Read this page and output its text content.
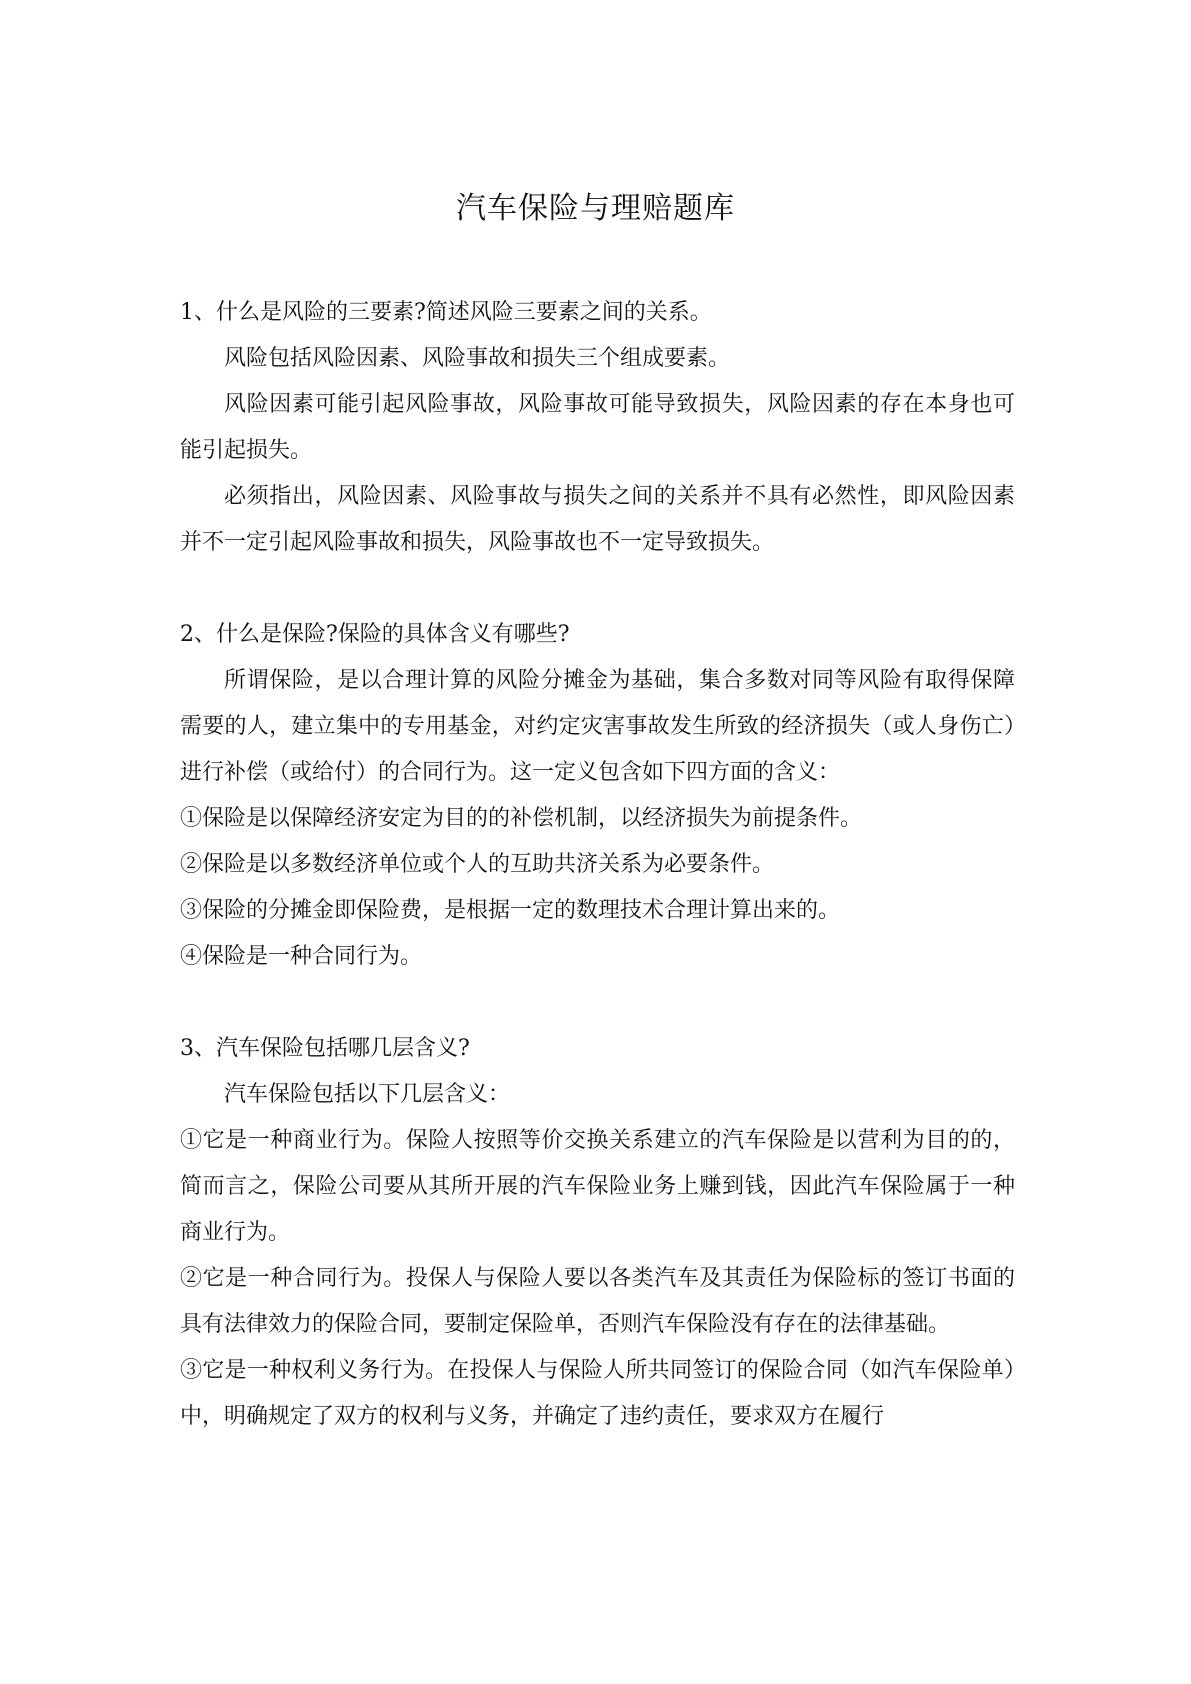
汽车保险与理赔题库

1、什么是风险的三要素?简述风险三要素之间的关系。

风险包括风险因素、风险事故和损失三个组成要素。

风险因素可能引起风险事故，风险事故可能导致损失，风险因素的存在本身也可能引起损失。

必须指出，风险因素、风险事故与损失之间的关系并不具有必然性，即风险因素并不一定引起风险事故和损失，风险事故也不一定导致损失。

2、什么是保险?保险的具体含义有哪些?

所谓保险，是以合理计算的风险分摊金为基础，集合多数对同等风险有取得保障需要的人，建立集中的专用基金，对约定灾害事故发生所致的经济损失（或人身伤亡）进行补偿（或给付）的合同行为。这一定义包含如下四方面的含义：

①保险是以保障经济安定为目的的补偿机制，以经济损失为前提条件。

②保险是以多数经济单位或个人的互助共济关系为必要条件。

③保险的分摊金即保险费，是根据一定的数理技术合理计算出来的。

④保险是一种合同行为。

3、汽车保险包括哪几层含义?

汽车保险包括以下几层含义：

①它是一种商业行为。保险人按照等价交换关系建立的汽车保险是以营利为目的的，简而言之，保险公司要从其所开展的汽车保险业务上赚到钱，因此汽车保险属于一种商业行为。

②它是一种合同行为。投保人与保险人要以各类汽车及其责任为保险标的签订书面的具有法律效力的保险合同，要制定保险单，否则汽车保险没有存在的法律基础。

③它是一种权利义务行为。在投保人与保险人所共同签订的保险合同（如汽车保险单）中，明确规定了双方的权利与义务，并确定了违约责任，要求双方在履行
